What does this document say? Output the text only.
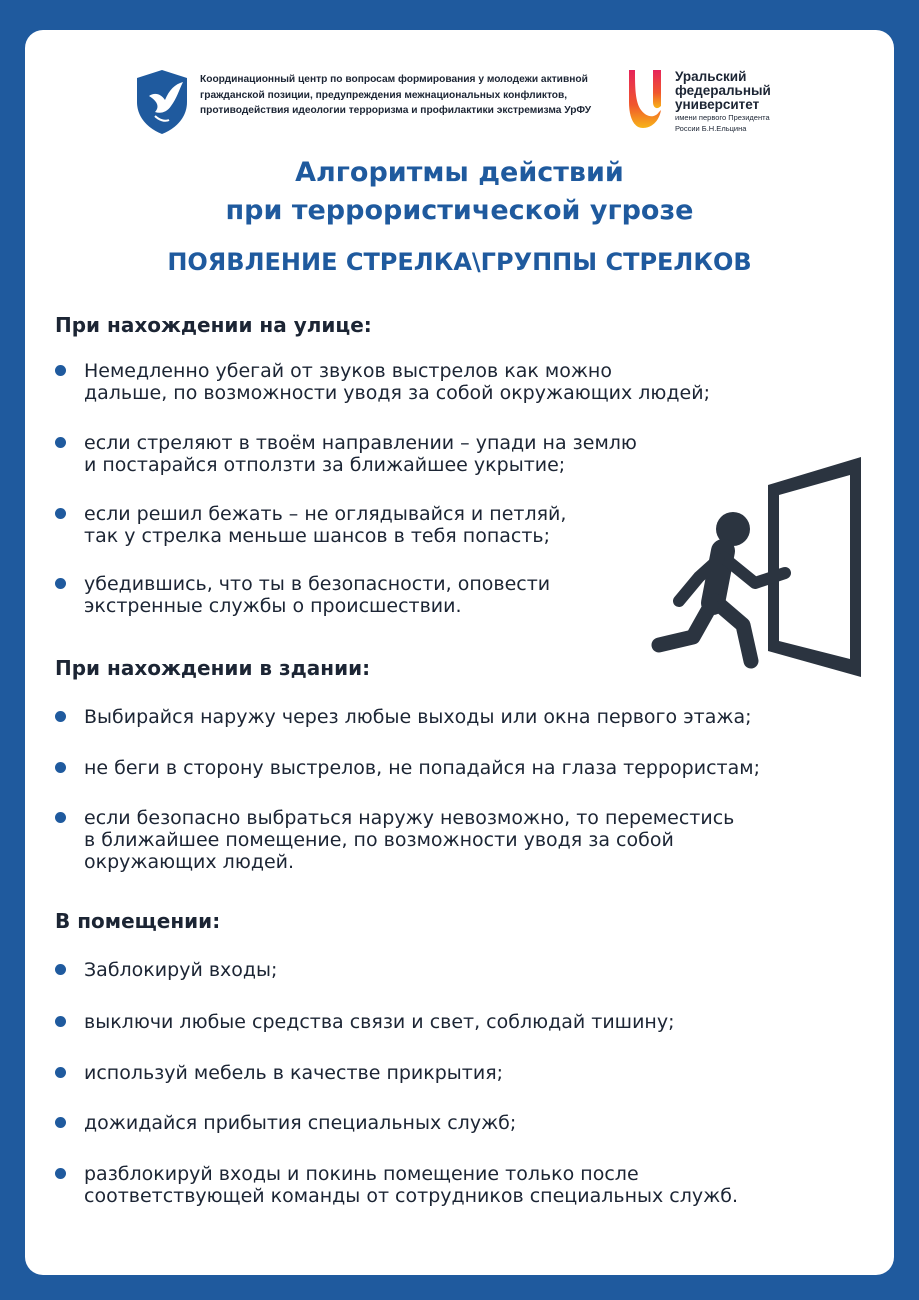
Координационный центр по вопросам формирования у молодежи активной
гражданской позиции, предупреждения межнациональных конфликтов,
противодействия идеологии терроризма и профилактики экстремизма УрФУ
Уральский
федеральный
университет
имени первого Президента
России Б.Н.Ельцина
Алгоритмы действий
при террористической угрозе
ПОЯВЛЕНИЕ СТРЕЛКА\ГРУППЫ СТРЕЛКОВ
При нахождении на улице:
Немедленно убегай от звуков выстрелов как можно
дальше, по возможности уводя за собой окружающих людей;
если стреляют в твоём направлении – упади на землю
и постарайся отползти за ближайшее укрытие;
если решил бежать – не оглядывайся и петляй,
так у стрелка меньше шансов в тебя попасть;
убедившись, что ты в безопасности, оповести
экстренные службы о происшествии.
При нахождении в здании:
Выбирайся наружу через любые выходы или окна первого этажа;
не беги в сторону выстрелов, не попадайся на глаза террористам;
если безопасно выбраться наружу невозможно, то переместись
в ближайшее помещение, по возможности уводя за собой
окружающих людей.
В помещении:
Заблокируй входы;
выключи любые средства связи и свет, соблюдай тишину;
используй мебель в качестве прикрытия;
дожидайся прибытия специальных служб;
разблокируй входы и покинь помещение только после
соответствующей команды от сотрудников специальных служб.
